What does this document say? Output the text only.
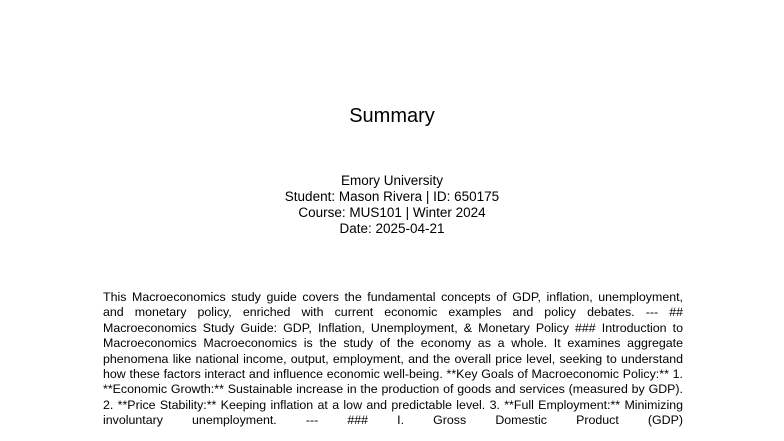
Summary
Emory University
Student: Mason Rivera | ID: 650175
Course: MUS101 | Winter 2024
Date: 2025-04-21
This Macroeconomics study guide covers the fundamental concepts of GDP, inflation, unemployment, and monetary policy, enriched with current economic examples and policy debates. --- ## Macroeconomics Study Guide: GDP, Inflation, Unemployment, & Monetary Policy ### Introduction to Macroeconomics Macroeconomics is the study of the economy as a whole. It examines aggregate phenomena like national income, output, employment, and the overall price level, seeking to understand how these factors interact and influence economic well-being. **Key Goals of Macroeconomic Policy:** 1. **Economic Growth:** Sustainable increase in the production of goods and services (measured by GDP). 2. **Price Stability:** Keeping inflation at a low and predictable level. 3. **Full Employment:** Minimizing involuntary unemployment. --- ### I. Gross Domestic Product (GDP)
